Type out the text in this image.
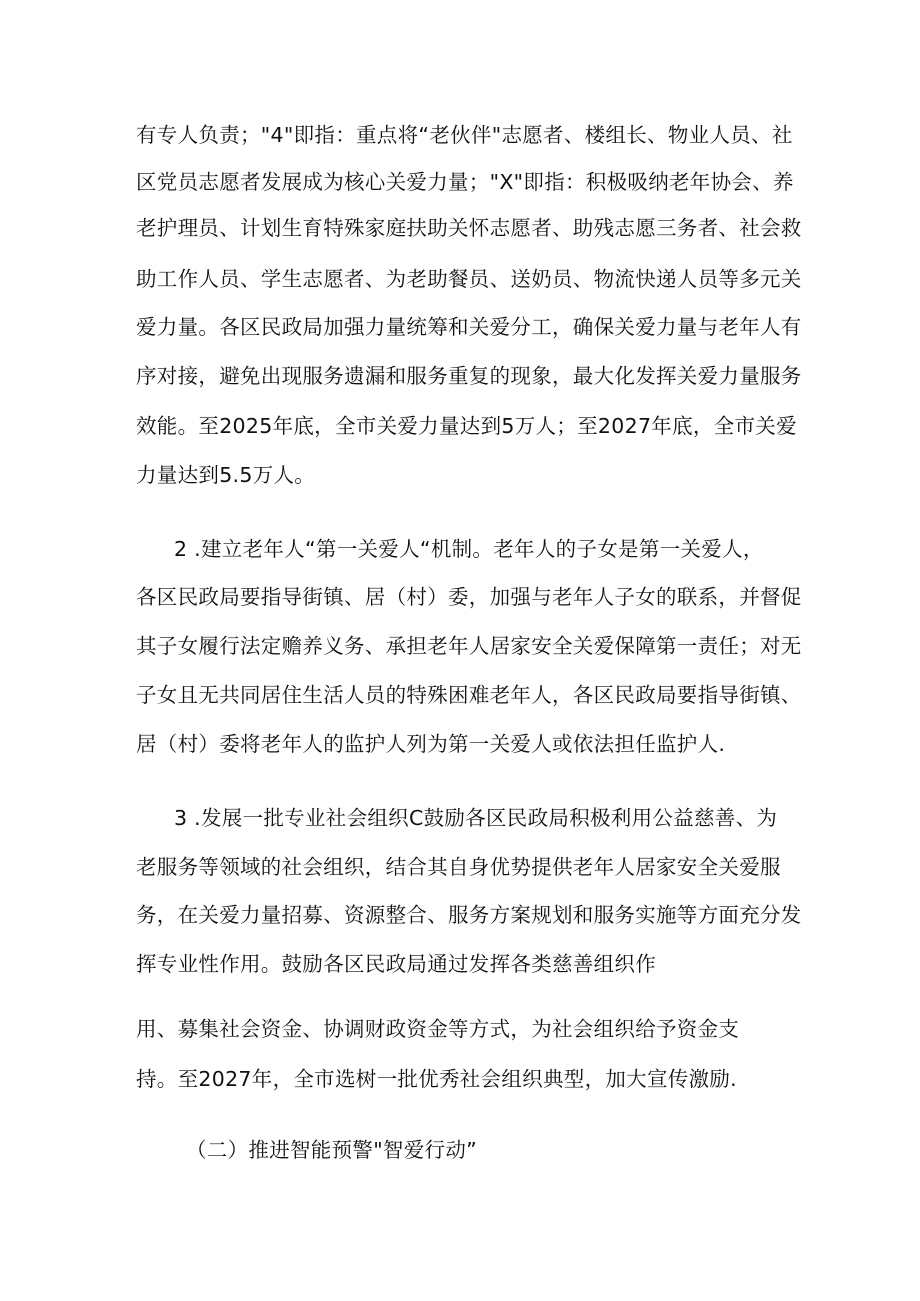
有专人负责；"4"即指：重点将“老伙伴"志愿者、楼组长、物业人员、社
区党员志愿者发展成为核心关爱力量；"X"即指：积极吸纳老年协会、养
老护理员、计划生育特殊家庭扶助关怀志愿者、助残志愿三务者、社会救
助工作人员、学生志愿者、为老助餐员、送奶员、物流快递人员等多元关
爱力量。各区民政局加强力量统筹和关爱分工，确保关爱力量与老年人有
序对接，避免出现服务遗漏和服务重复的现象，最大化发挥关爱力量服务
效能。至2025年底，全市关爱力量达到5万人；至2027年底，全市关爱
力量达到5.5万人。
2 .建立老年人“第一关爱人“机制。老年人的子女是第一关爱人，
各区民政局要指导街镇、居（村）委，加强与老年人子女的联系，并督促
其子女履行法定赡养义务、承担老年人居家安全关爱保障第一责任；对无
子女且无共同居住生活人员的特殊困难老年人，各区民政局要指导街镇、
居（村）委将老年人的监护人列为第一关爱人或依法担任监护人.
3 .发展一批专业社会组织C鼓励各区民政局积极利用公益慈善、为
老服务等领域的社会组织，结合其自身优势提供老年人居家安全关爱服
务，在关爱力量招募、资源整合、服务方案规划和服务实施等方面充分发
挥专业性作用。鼓励各区民政局通过发挥各类慈善组织作
用、募集社会资金、协调财政资金等方式，为社会组织给予资金支
持。至2027年，全市选树一批优秀社会组织典型，加大宣传激励.
（二）推进智能预警"智爱行动”
